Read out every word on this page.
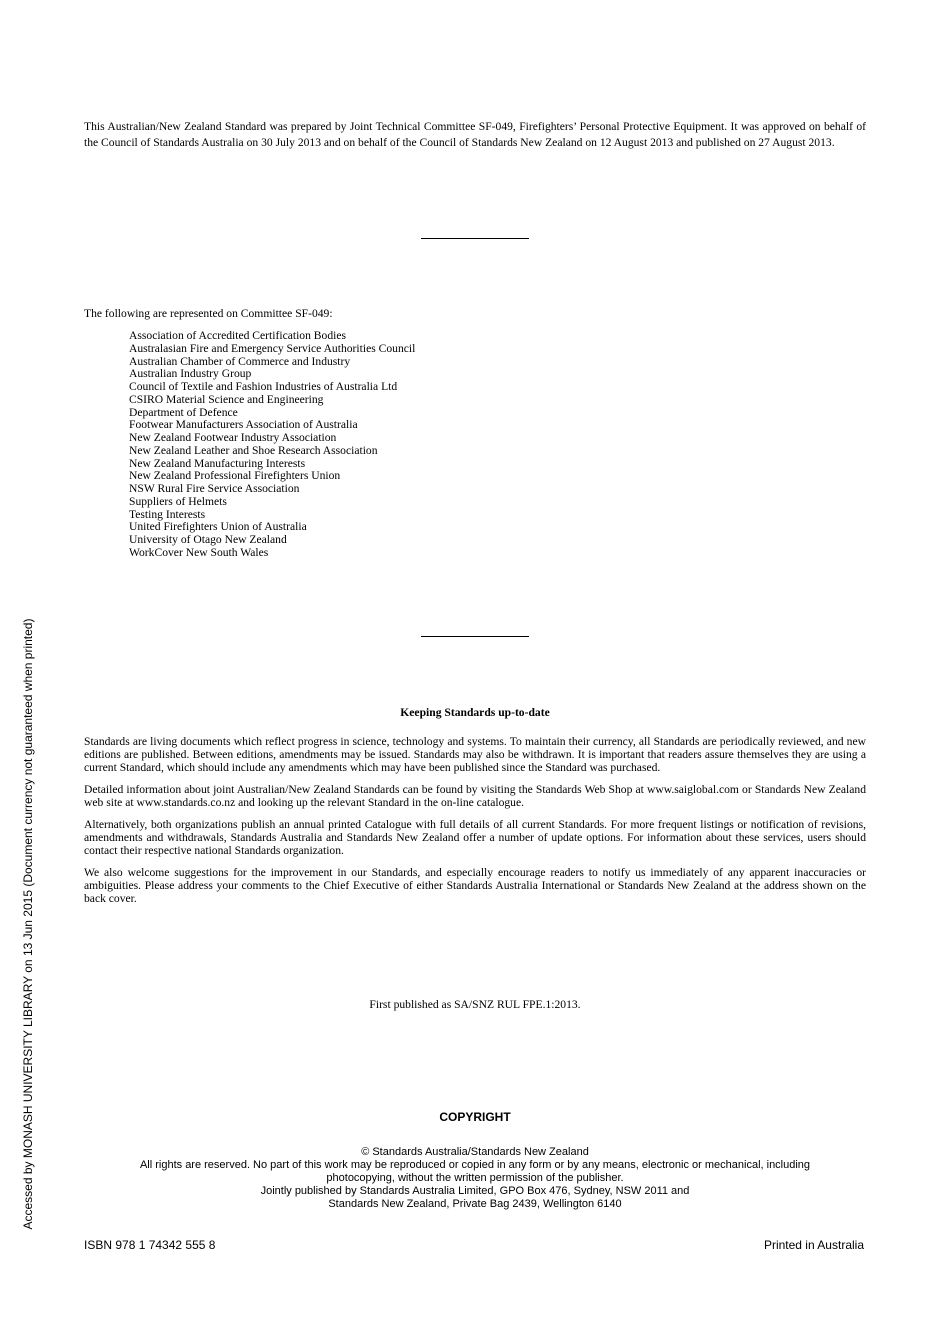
This Australian/New Zealand Standard was prepared by Joint Technical Committee SF-049, Firefighters’ Personal Protective Equipment. It was approved on behalf of the Council of Standards Australia on 30 July 2013 and on behalf of the Council of Standards New Zealand on 12 August 2013 and published on 27 August 2013.
The following are represented on Committee SF-049:
Association of Accredited Certification Bodies
Australasian Fire and Emergency Service Authorities Council
Australian Chamber of Commerce and Industry
Australian Industry Group
Council of Textile and Fashion Industries of Australia Ltd
CSIRO Material Science and Engineering
Department of Defence
Footwear Manufacturers Association of Australia
New Zealand Footwear Industry Association
New Zealand Leather and Shoe Research Association
New Zealand Manufacturing Interests
New Zealand Professional Firefighters Union
NSW Rural Fire Service Association
Suppliers of Helmets
Testing Interests
United Firefighters Union of Australia
University of Otago New Zealand
WorkCover New South Wales
Keeping Standards up-to-date

Standards are living documents which reflect progress in science, technology and systems. To maintain their currency, all Standards are periodically reviewed, and new editions are published. Between editions, amendments may be issued. Standards may also be withdrawn. It is important that readers assure themselves they are using a current Standard, which should include any amendments which may have been published since the Standard was purchased.

Detailed information about joint Australian/New Zealand Standards can be found by visiting the Standards Web Shop at www.saiglobal.com or Standards New Zealand web site at www.standards.co.nz and looking up the relevant Standard in the on-line catalogue.

Alternatively, both organizations publish an annual printed Catalogue with full details of all current Standards. For more frequent listings or notification of revisions, amendments and withdrawals, Standards Australia and Standards New Zealand offer a number of update options. For information about these services, users should contact their respective national Standards organization.

We also welcome suggestions for the improvement in our Standards, and especially encourage readers to notify us immediately of any apparent inaccuracies or ambiguities. Please address your comments to the Chief Executive of either Standards Australia International or Standards New Zealand at the address shown on the back cover.

First published as SA/SNZ RUL FPE.1:2013.
COPYRIGHT
© Standards Australia/Standards New Zealand
All rights are reserved. No part of this work may be reproduced or copied in any form or by any means, electronic or mechanical, including
photocopying, without the written permission of the publisher.
Jointly published by Standards Australia Limited, GPO Box 476, Sydney, NSW 2011 and
Standards New Zealand, Private Bag 2439, Wellington 6140
ISBN 978 1 74342 555 8	Printed in Australia
Accessed by MONASH UNIVERSITY LIBRARY on 13 Jun 2015 (Document currency not guaranteed when printed)
